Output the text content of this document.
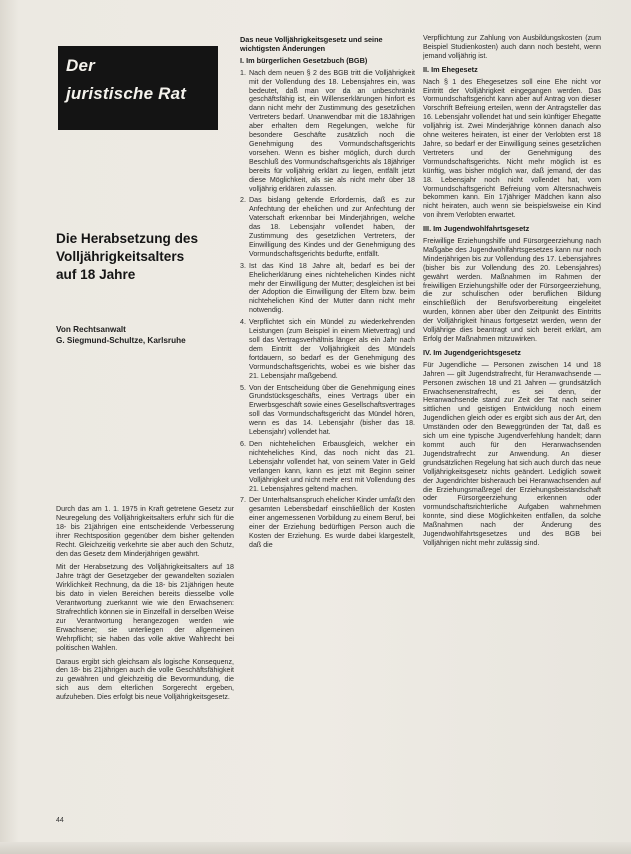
Der
juristische Rat
Die Herabsetzung des
Volljährigkeitsalters
auf 18 Jahre
Von Rechtsanwalt
G. Siegmund-Schultze, Karlsruhe

Durch das am 1. 1. 1975 in Kraft getretene Gesetz zur Neuregelung des Volljährigkeitsalters erfuhr sich für die 18- bis 21jährigen eine entscheidende Verbesserung ihrer Rechtsposition gegenüber dem bisher geltenden Recht. Gleichzeitig verkehrte sie aber auch den Schutz, den das Gesetz dem Minderjährigen gewährt.

Mit der Herabsetzung des Volljährigkeitsalters auf 18 Jahre trägt der Gesetzgeber der gewandelten sozialen Wirklichkeit Rechnung, da die 18- bis 21jährigen heute bis dato in vielen Bereichen bereits diesselbe volle Verantwortung zuerkannt wie wie den Erwachsenen: Strafrechtlich können sie in Einzelfall in derselben Weise zur Verantwortung herangezogen werden wie Erwachsene; sie unterliegen der allgemeinen Wehrpflicht; sie haben das volle aktive Wahlrecht bei politischen Wahlen.

Daraus ergibt sich gleichsam als logische Konsequenz, den 18- bis 21jährigen auch die volle Geschäftsfähigkeit zu gewähren und gleichzeitig die Bevormundung, die sich aus dem elterlichen Sorgerecht ergeben, aufzuheben. Dies erfolgt bis neue Volljährigkeitsgesetz.

Das neue Volljährigkeitsgesetz und seine wichtigsten Änderungen
I. Im bürgerlichen Gesetzbuch (BGB)
1. Nach dem neuen § 2 des BGB tritt die Volljährigkeit mit der Vollendung des 18. Lebensjahres ein, was bedeutet, daß man vor da an unbeschränkt geschäftsfähig ist, ein Willenserklärungen hinfort es dann nicht mehr der Zustimmung des gesetzlichen Vertreters bedarf. Unanwendbar mit die 18Jährigen aber erhalten dem Regelungen, welche für besondere Geschäfte zusätzlich noch die Genehmigung des Vormundschaftsgerichts vorsehen. Wenn es bisher möglich, durch durch Beschluß des Vormundschaftsgerichts als 18jähriger bereits für volljährig erklärt zu liegen, entfällt jetzt diese Möglichkeit, als sie als nicht mehr über 18 volljährig erklären zulassen.
2. Das bislang geltende Erfordernis, daß es zur Anfechtung der ehelichen und zur Anfechtung der Vaterschaft erkennbar bei Minderjährigen, welche das 18. Lebensjahr vollendet haben, der Zustimmung des gesetzlichen Vertreters, der Einwilligung des Kindes und der Genehmigung des Vormundschaftsgerichts bedurfte, entfällt.
3. Ist das Kind 18 Jahre alt, bedarf es bei der Ehelicherklärung eines nichtehelichen Kindes nicht mehr der Einwilligung der Mutter; desgleichen ist bei der Adoption die Einwilligung der Eltern bzw. beim nichtehelichen Kind der Mutter dann nicht mehr notwendig.
4. Verpflichtet sich ein Mündel zu wiederkehrenden Leistungen (zum Beispiel in einem Mietvertrag) und soll das Vertragsverhältnis länger als ein Jahr nach dem Eintritt der Volljährigkeit des Mündels fortdauern, so bedarf es der Genehmigung des Vormundschaftsgerichts, wobei es wie bisher das 21. Lebensjahr maßgebend.
5. Von der Entscheidung über die Genehmigung eines Grundstücksgeschäfts, eines Vertrags über ein Erwerbsgeschäft sowie eines Gesellschaftsvertrages soll das Vormundschaftsgericht das Mündel hören, wenn es das 14. Lebensjahr (bisher das 18. Lebensjahr) vollendet hat.
6. Den nichtehelichen Erbausgleich, welcher ein nichteheliches Kind, das noch nicht das 21. Lebensjahr vollendet hat, von seinem Vater in Geld verlangen kann, kann es jetzt mit Beginn seiner Volljährigkeit und nicht mehr erst mit Vollendung des 21. Lebensjahres geltend machen.
7. Der Unterhaltsanspruch ehelicher Kinder umfaßt den gesamten Lebensbedarf einschließlich der Kosten einer angemessenen Vorbildung zu einem Beruf, bei einer der Erziehung bedürftigen Person auch die Kosten der Erziehung. Es wurde dabei klargestellt, daß die

Verpflichtung zur Zahlung von Ausbildungskosten (zum Beispiel Studienkosten) auch dann noch besteht, wenn jemand volljährig ist.

II. Im Ehegesetz

Nach § 1 des Ehegesetzes soll eine Ehe nicht vor Eintritt der Volljährigkeit eingegangen werden. Das Vormundschaftsgericht kann aber auf Antrag von dieser Vorschrift Befreiung erteilen, wenn der Antragsteller das 16. Lebensjahr vollendet hat und sein künftiger Ehegatte volljährig ist. Zwei Minderjährige können danach also ohne weiteres heiraten, ist einer der Verlobten erst 18 Jahre, so bedarf er der Einwilligung seines gesetzlichen Vertreters und der Genehmigung des Vormundschaftsgerichts. Nicht mehr möglich ist es künftig, was bisher möglich war, daß jemand, der das 18. Lebensjahr noch nicht vollendet hat, vom Vormundschaftsgericht Befreiung vom Altersnachweis bekommen kann. Ein 17jähriger Mädchen kann also nicht heiraten, auch wenn sie beispielsweise ein Kind von ihrem Verlobten erwartet.

III. Im Jugendwohlfahrtsgesetz

Freiwillige Erziehungshilfe und Fürsorgeerziehung nach Maßgabe des Jugendwohlfahrtsgesetzes kann nur noch Minderjährigen bis zur Vollendung des 17. Lebensjahres (bisher bis zur Vollendung des 20. Lebensjahres) gewährt werden. Maßnahmen im Rahmen der freiwilligen Erziehungshilfe oder der Fürsorgeerziehung, die zur schulischen oder beruflichen Bildung einschließlich der Berufsvorbereitung eingeleitet wurden, können aber über den Zeitpunkt des Eintritts der Volljährigkeit hinaus fortgesetzt werden, wenn der Volljährige dies beantragt und sich bereit erklärt, am Erfolg der Maßnahmen mitzuwirken.

IV. Im Jugendgerichtsgesetz

Für Jugendliche — Personen zwischen 14 und 18 Jahren — gilt Jugendstrafrecht, für Heranwachsende — Personen zwischen 18 und 21 Jahren — grundsätzlich Erwachsenenstrafrecht, es sei denn, der Heranwachsende stand zur Zeit der Tat nach seiner sittlichen und geistigen Entwicklung noch einem Jugendlichen gleich oder es ergibt sich aus der Art, den Umständen oder den Beweggründen der Tat, daß es sich um eine typische Jugendverfehlung handelt; dann kommt auch für den Heranwachsenden Jugendstrafrecht zur Anwendung. An dieser grundsätzlichen Regelung hat sich auch durch das neue Volljährigkeitsgesetz nichts geändert. Lediglich soweit der Jugendrichter bisherauch bei Heranwachsenden auf die Erziehungsmaßregel der Erziehungsbeistandschaft oder Fürsorgeerziehung erkennen oder vormundschaftsrichterliche Aufgaben wahrnehmen konnte, sind diese Möglichkeiten entfallen, da solche Maßnahmen nach der Änderung des Jugendwohlfahrtsgesetzes und des BGB bei Volljährigen nicht mehr zulässig sind.

44
